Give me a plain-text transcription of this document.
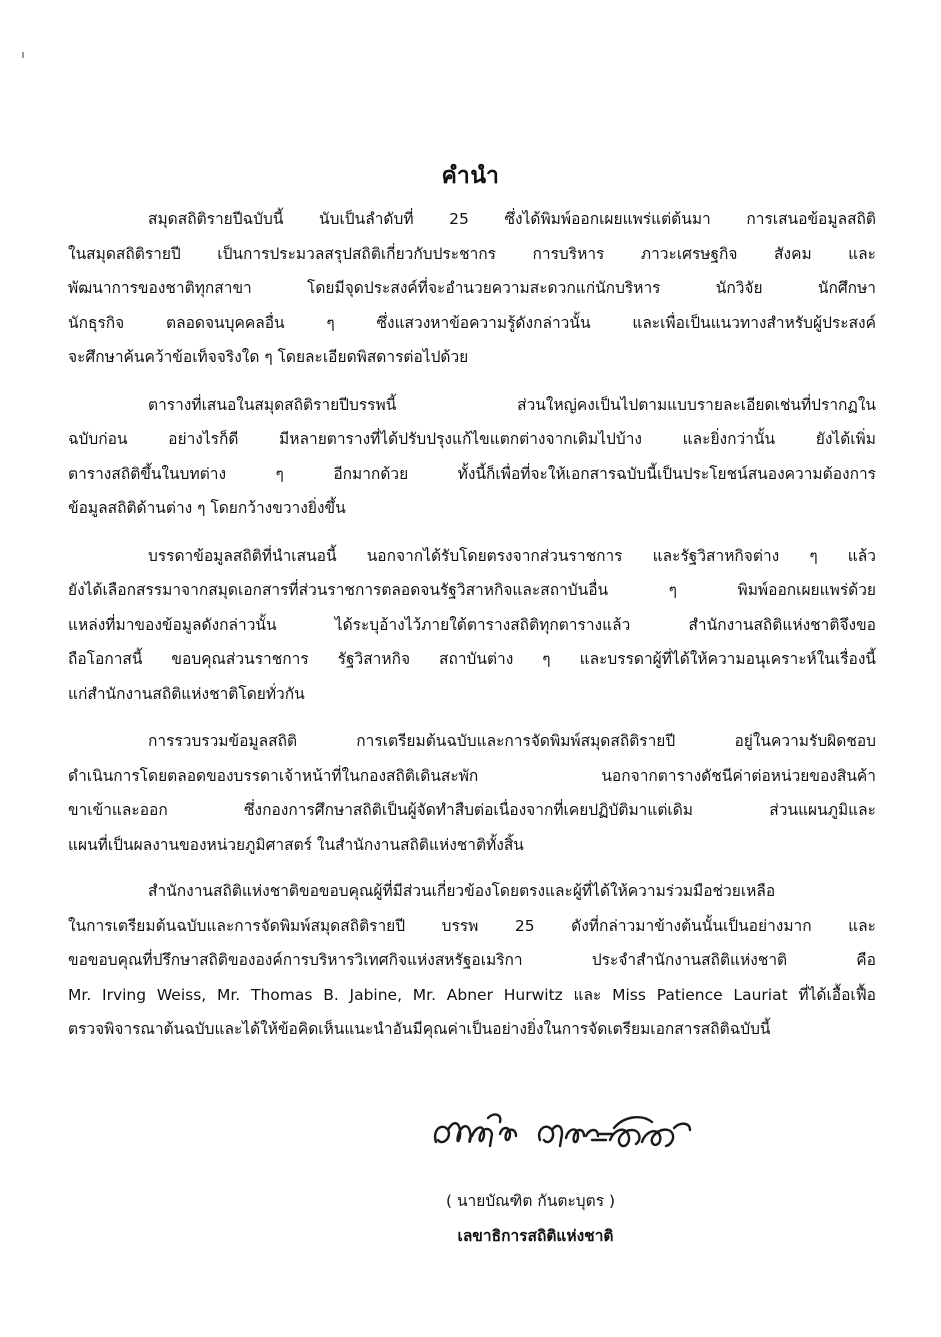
คำนำ

สมุดสถิติรายปีฉบับนี้ นับเป็นลำดับที่ 25 ซึ่งได้พิมพ์ออกเผยแพร่แต่ต้นมา การเสนอข้อมูลสถิติ

ในสมุดสถิติรายปี เป็นการประมวลสรุปสถิติเกี่ยวกับประชากร การบริหาร ภาวะเศรษฐกิจ สังคม และ

พัฒนาการของชาติทุกสาขา โดยมีจุดประสงค์ที่จะอำนวยความสะดวกแก่นักบริหาร นักวิจัย นักศึกษา

นักธุรกิจ ตลอดจนบุคคลอื่น ๆ ซึ่งแสวงหาข้อความรู้ดังกล่าวนั้น และเพื่อเป็นแนวทางสำหรับผู้ประสงค์

จะศึกษาค้นคว้าข้อเท็จจริงใด ๆ โดยละเอียดพิสดารต่อไปด้วย

ตารางที่เสนอในสมุดสถิติรายปีบรรพนี้ ส่วนใหญ่คงเป็นไปตามแบบรายละเอียดเช่นที่ปรากฏใน

ฉบับก่อน อย่างไรก็ดี มีหลายตารางที่ได้ปรับปรุงแก้ไขแตกต่างจากเดิมไปบ้าง และยิ่งกว่านั้น ยังได้เพิ่ม

ตารางสถิติขึ้นในบทต่าง ๆ อีกมากด้วย ทั้งนี้ก็เพื่อที่จะให้เอกสารฉบับนี้เป็นประโยชน์สนองความต้องการ

ข้อมูลสถิติด้านต่าง ๆ โดยกว้างขวางยิ่งขึ้น

บรรดาข้อมูลสถิติที่นำเสนอนี้ นอกจากได้รับโดยตรงจากส่วนราชการ และรัฐวิสาหกิจต่าง ๆ แล้ว

ยังได้เลือกสรรมาจากสมุดเอกสารที่ส่วนราชการตลอดจนรัฐวิสาหกิจและสถาบันอื่น ๆ พิมพ์ออกเผยแพร่ด้วย

แหล่งที่มาของข้อมูลดังกล่าวนั้น ได้ระบุอ้างไว้ภายใต้ตารางสถิติทุกตารางแล้ว สำนักงานสถิติแห่งชาติจึงขอ

ถือโอกาสนี้ ขอบคุณส่วนราชการ รัฐวิสาหกิจ สถาบันต่าง ๆ และบรรดาผู้ที่ได้ให้ความอนุเคราะห์ในเรื่องนี้

แก่สำนักงานสถิติแห่งชาติโดยทั่วกัน

การรวบรวมข้อมูลสถิติ การเตรียมต้นฉบับและการจัดพิมพ์สมุดสถิติรายปี อยู่ในความรับผิดชอบ

ดำเนินการโดยตลอดของบรรดาเจ้าหน้าที่ในกองสถิติเดินสะพัก นอกจากตารางดัชนีค่าต่อหน่วยของสินค้า

ขาเข้าและออก ซึ่งกองการศึกษาสถิติเป็นผู้จัดทำสืบต่อเนื่องจากที่เคยปฏิบัติมาแต่เดิม ส่วนแผนภูมิและ

แผนที่เป็นผลงานของหน่วยภูมิศาสตร์ ในสำนักงานสถิติแห่งชาติทั้งสิ้น

สำนักงานสถิติแห่งชาติขอขอบคุณผู้ที่มีส่วนเกี่ยวข้องโดยตรงและผู้ที่ได้ให้ความร่วมมือช่วยเหลือ

ในการเตรียมต้นฉบับและการจัดพิมพ์สมุดสถิติรายปี บรรพ 25 ดังที่กล่าวมาข้างต้นนั้นเป็นอย่างมาก และ

ขอขอบคุณที่ปรึกษาสถิติขององค์การบริหารวิเทศกิจแห่งสหรัฐอเมริกา ประจำสำนักงานสถิติแห่งชาติ คือ

Mr. Irving Weiss, Mr. Thomas B. Jabine, Mr. Abner Hurwitz และ Miss Patience Lauriat ที่ได้เอื้อเฟื้อ

ตรวจพิจารณาต้นฉบับและได้ให้ข้อคิดเห็นแนะนำอันมีคุณค่าเป็นอย่างยิ่งในการจัดเตรียมเอกสารสถิติฉบับนี้

( นายบัณฑิต กันตะบุตร )
เลขาธิการสถิติแห่งชาติ
